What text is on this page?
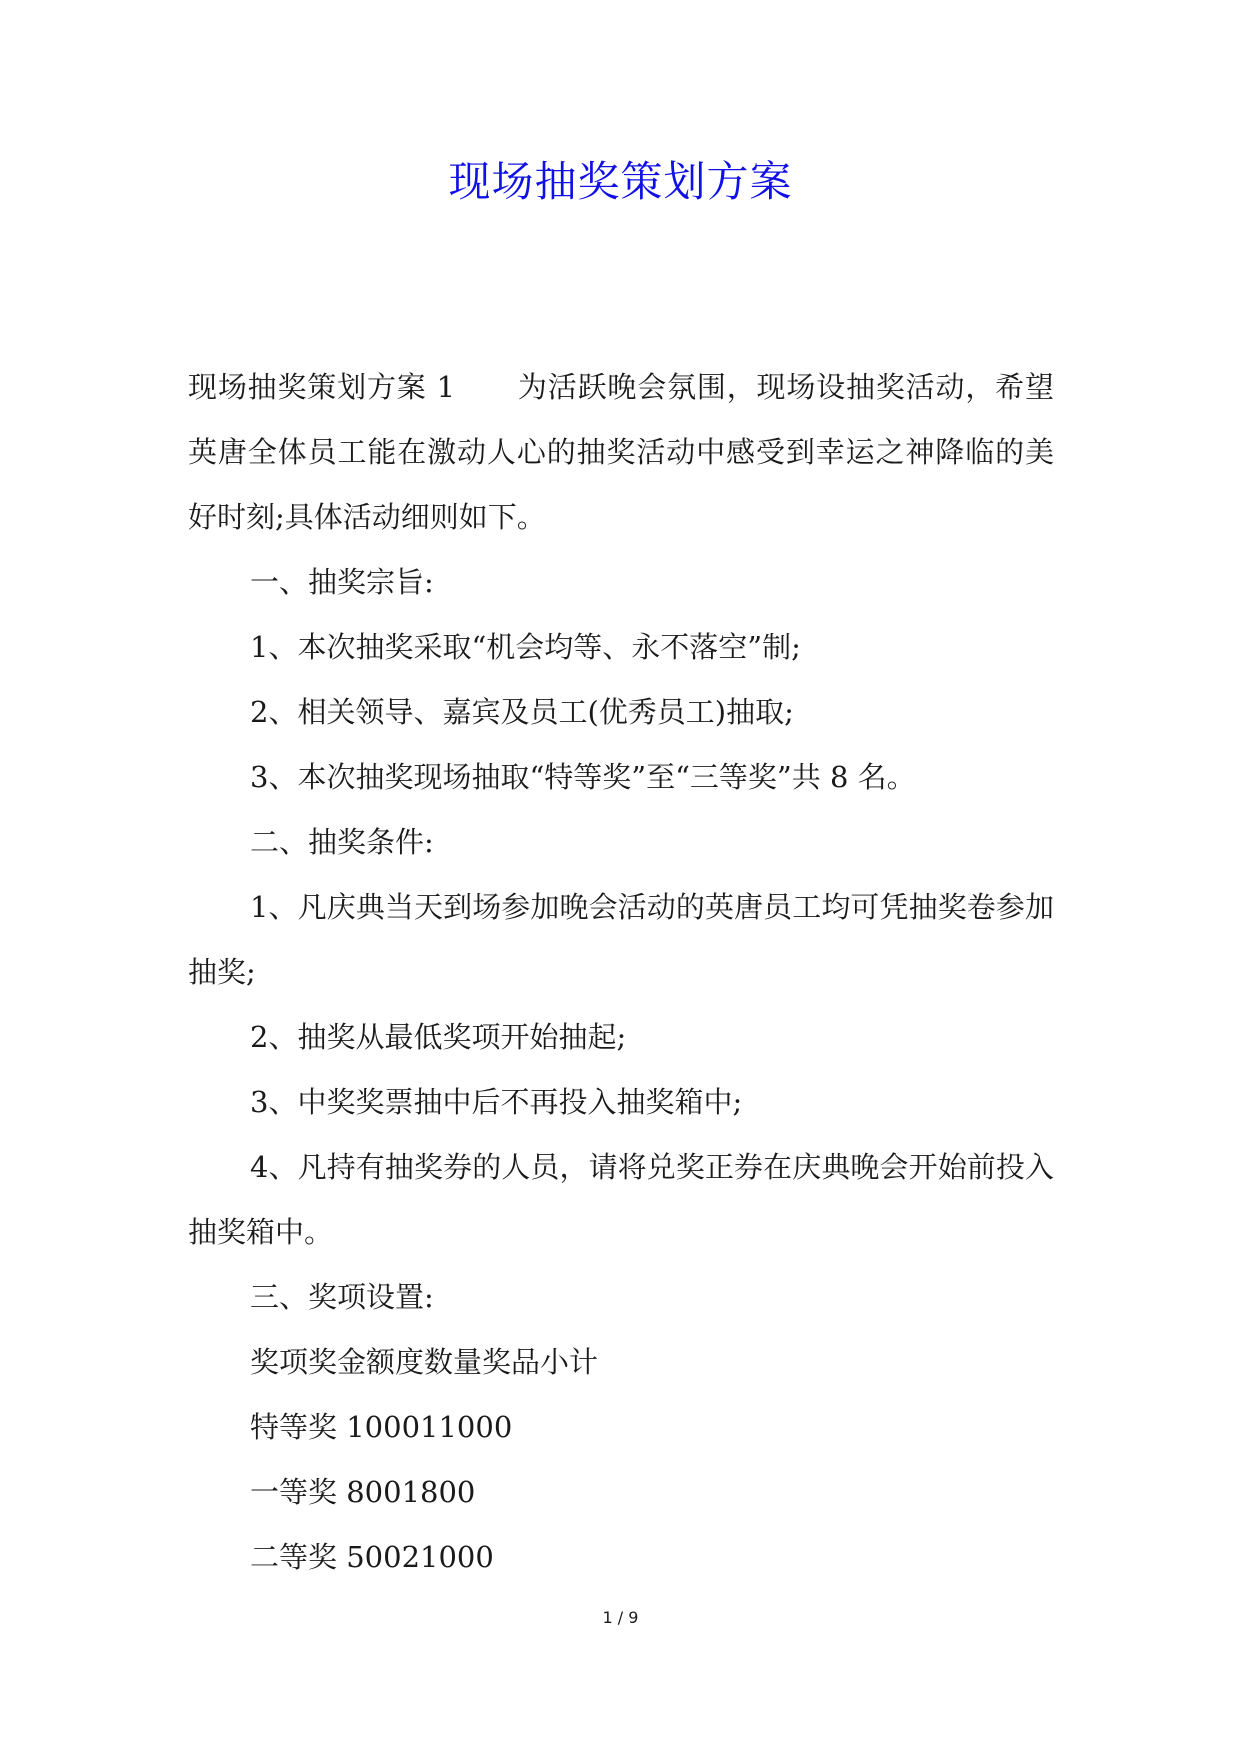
现场抽奖策划方案

现场抽奖策划方案 1 为活跃晚会氛围，现场设抽奖活动，希望英唐全体员工能在激动人心的抽奖活动中感受到幸运之神降临的美好时刻;具体活动细则如下。

一、抽奖宗旨:

1、本次抽奖采取“机会均等、永不落空”制;

2、相关领导、嘉宾及员工(优秀员工)抽取;

3、本次抽奖现场抽取“特等奖”至“三等奖”共 8 名。

二、抽奖条件:

1、凡庆典当天到场参加晚会活动的英唐员工均可凭抽奖卷参加抽奖;

2、抽奖从最低奖项开始抽起;

3、中奖奖票抽中后不再投入抽奖箱中;

4、凡持有抽奖券的人员，请将兑奖正券在庆典晚会开始前投入抽奖箱中。

三、奖项设置:

奖项奖金额度数量奖品小计

特等奖 100011000

一等奖 8001800

二等奖 50021000

1 / 9
